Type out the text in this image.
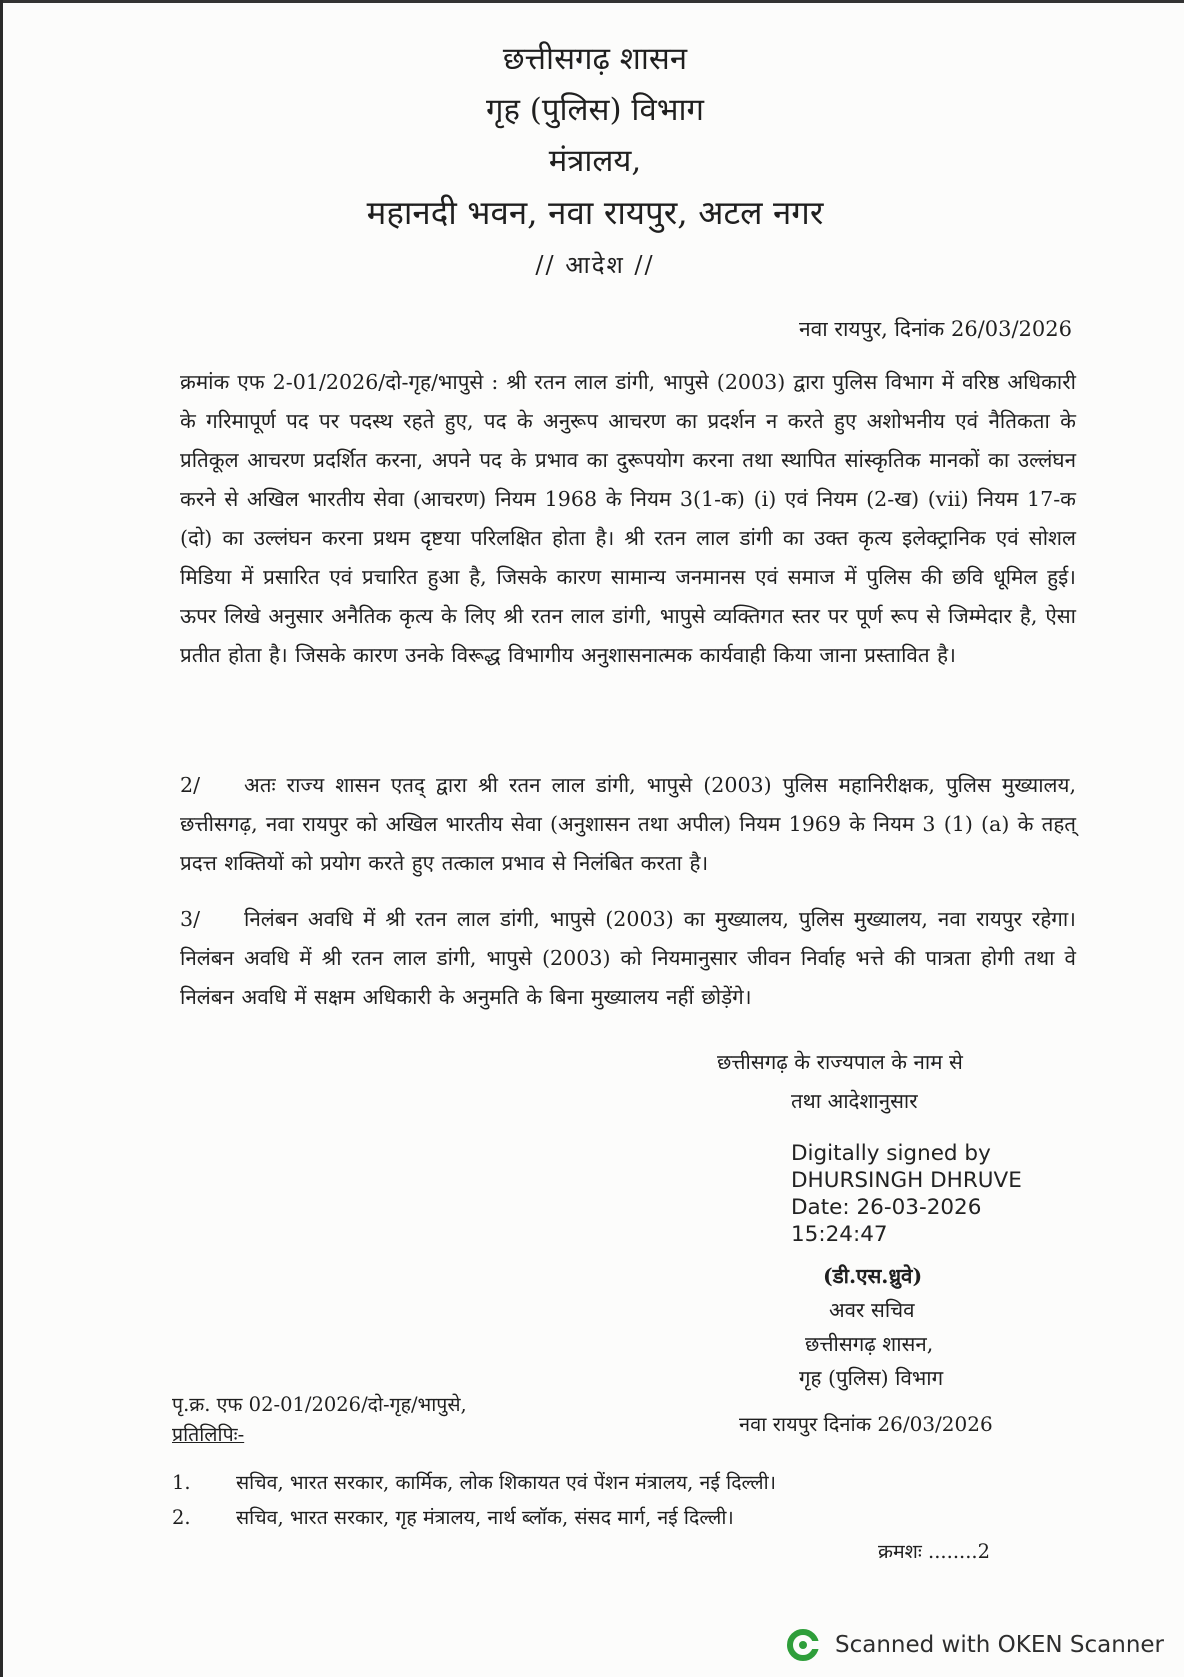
छत्तीसगढ़ शासन
गृह (पुलिस) विभाग
मंत्रालय,
महानदी भवन, नवा रायपुर, अटल नगर
// आदेश //
नवा रायपुर, दिनांक 26/03/2026
क्रमांक एफ 2-01/2026/दो-गृह/भापुसे : श्री रतन लाल डांगी, भापुसे (2003) द्वारा पुलिस विभाग में वरिष्ठ अधिकारी के गरिमापूर्ण पद पर पदस्थ रहते हुए, पद के अनुरूप आचरण का प्रदर्शन न करते हुए अशोभनीय एवं नैतिकता के प्रतिकूल आचरण प्रदर्शित करना, अपने पद के प्रभाव का दुरूपयोग करना तथा स्थापित सांस्कृतिक मानकों का उल्लंघन करने से अखिल भारतीय सेवा (आचरण) नियम 1968 के नियम 3(1-क) (i) एवं नियम (2-ख) (vii) नियम 17-क (दो) का उल्लंघन करना प्रथम दृष्टया परिलक्षित होता है। श्री रतन लाल डांगी का उक्त कृत्य इलेक्ट्रानिक एवं सोशल मिडिया में प्रसारित एवं प्रचारित हुआ है, जिसके कारण सामान्य जनमानस एवं समाज में पुलिस की छवि धूमिल हुई। ऊपर लिखे अनुसार अनैतिक कृत्य के लिए श्री रतन लाल डांगी, भापुसे व्यक्तिगत स्तर पर पूर्ण रूप से जिम्मेदार है, ऐसा प्रतीत होता है। जिसके कारण उनके विरूद्ध विभागीय अनुशासनात्मक कार्यवाही किया जाना प्रस्तावित है।
2/ अतः राज्य शासन एतद् द्वारा श्री रतन लाल डांगी, भापुसे (2003) पुलिस महानिरीक्षक, पुलिस मुख्यालय, छत्तीसगढ़, नवा रायपुर को अखिल भारतीय सेवा (अनुशासन तथा अपील) नियम 1969 के नियम 3 (1) (a) के तहत् प्रदत्त शक्तियों को प्रयोग करते हुए तत्काल प्रभाव से निलंबित करता है।
3/ निलंबन अवधि में श्री रतन लाल डांगी, भापुसे (2003) का मुख्यालय, पुलिस मुख्यालय, नवा रायपुर रहेगा। निलंबन अवधि में श्री रतन लाल डांगी, भापुसे (2003) को नियमानुसार जीवन निर्वाह भत्ते की पात्रता होगी तथा वे निलंबन अवधि में सक्षम अधिकारी के अनुमति के बिना मुख्यालय नहीं छोड़ेंगे।
छत्तीसगढ़ के राज्यपाल के नाम से
तथा आदेशानुसार
Digitally signed by
DHURSINGH DHRUVE
Date: 26-03-2026
15:24:47
(डी.एस.ध्रुवे)
अवर सचिव
छत्तीसगढ़ शासन,
गृह (पुलिस) विभाग
पृ.क्र. एफ 02-01/2026/दो-गृह/भापुसे,
प्रतिलिपिः-	नवा रायपुर दिनांक 26/03/2026
1. सचिव, भारत सरकार, कार्मिक, लोक शिकायत एवं पेंशन मंत्रालय, नई दिल्ली।
2. सचिव, भारत सरकार, गृह मंत्रालय, नार्थ ब्लॉक, संसद मार्ग, नई दिल्ली।
क्रमशः ........2
Scanned with OKEN Scanner
